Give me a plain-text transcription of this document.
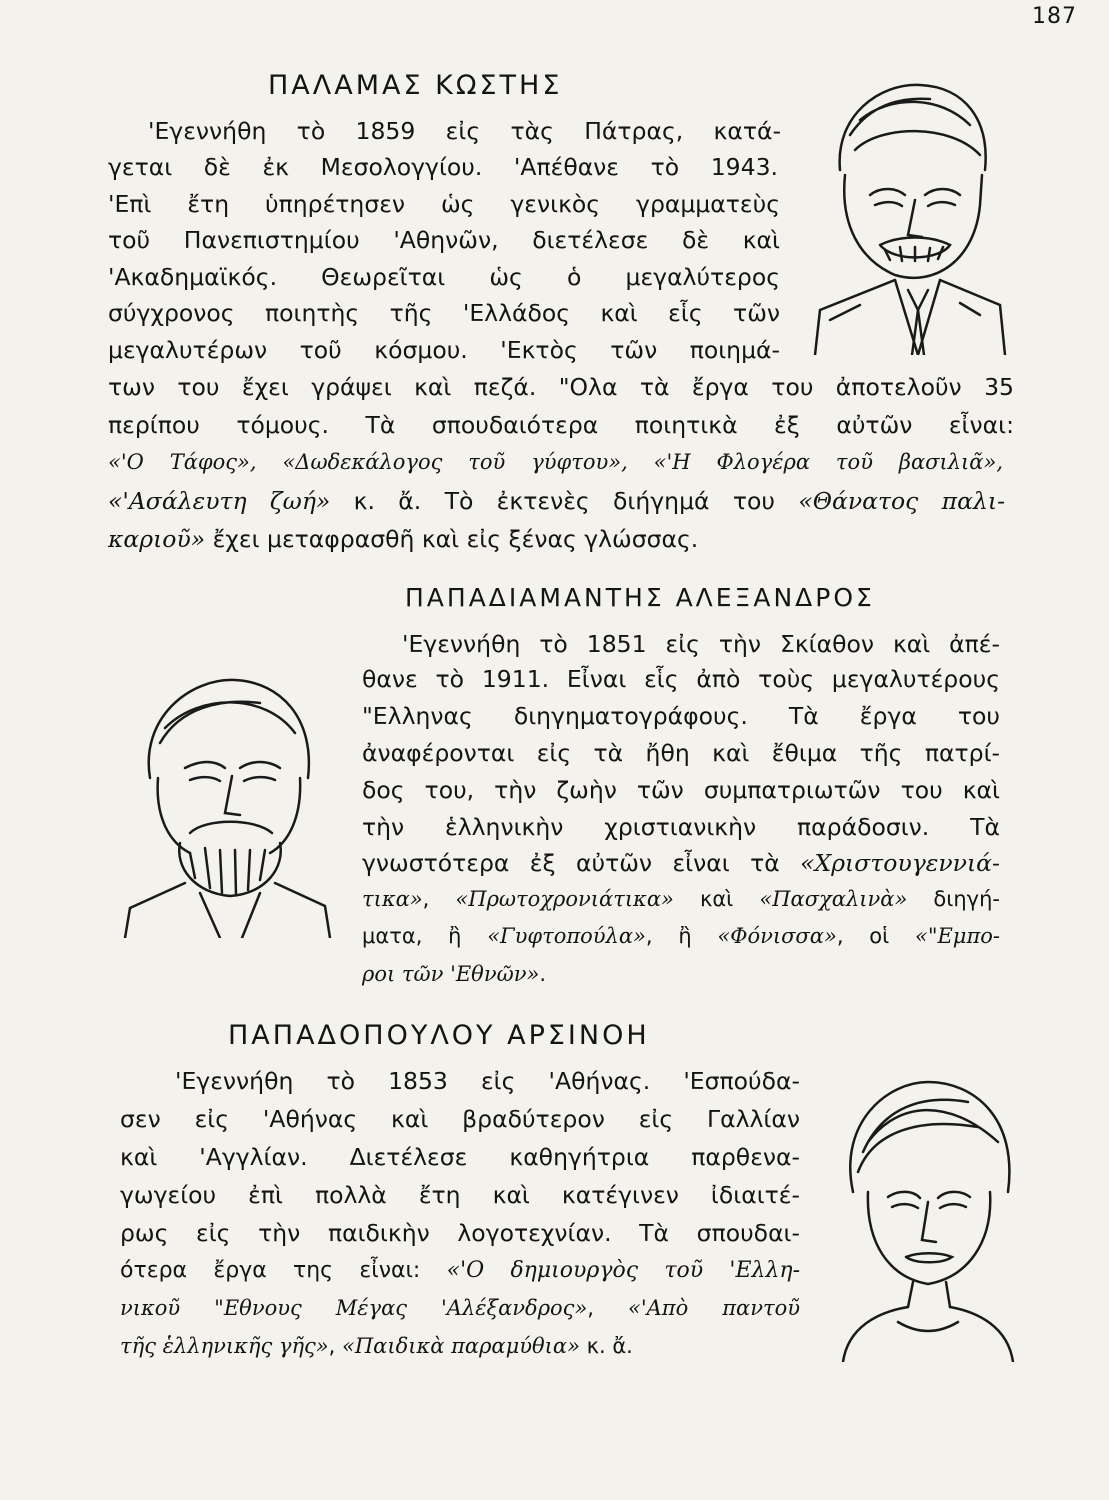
187
ΠΑΛΑΜΑΣ ΚΩΣΤΗΣ
'Εγεννήθη τὸ 1859 εἰς τὰς Πάτρας, κατά-
γεται δὲ ἐκ Μεσολογγίου. 'Απέθανε τὸ 1943.
'Επὶ ἔτη ὑπηρέτησεν ὡς γενικὸς γραμματεὺς
τοῦ Πανεπιστημίου 'Αθηνῶν, διετέλεσε δὲ καὶ
'Ακαδημαϊκός. Θεωρεῖται ὡς ὁ μεγαλύτερος
σύγχρονος ποιητὴς τῆς 'Ελλάδος καὶ εἷς τῶν
μεγαλυτέρων τοῦ κόσμου. 'Εκτὸς τῶν ποιημά-
των του ἔχει γράψει καὶ πεζά. "Ολα τὰ ἔργα του ἀποτελοῦν 35
περίπου τόμους. Τὰ σπουδαιότερα ποιητικὰ ἐξ αὐτῶν εἶναι:
«'Ο Τάφος», «Δωδεκάλογος τοῦ γύφτου», «'Η Φλογέρα τοῦ βασιλιᾶ»,
«'Ασάλευτη ζωή» κ. ἄ. Τὸ ἐκτενὲς διήγημά του «Θάνατος παλι-
καριοῦ» ἔχει μεταφρασθῆ καὶ εἰς ξένας γλώσσας.
ΠΑΠΑΔΙΑΜΑΝΤΗΣ ΑΛΕΞΑΝΔΡΟΣ
'Εγεννήθη τὸ 1851 εἰς τὴν Σκίαθον καὶ ἀπέ-
θανε τὸ 1911. Εἶναι εἷς ἀπὸ τοὺς μεγαλυτέρους
"Ελληνας διηγηματογράφους. Τὰ ἔργα του
ἀναφέρονται εἰς τὰ ἤθη καὶ ἔθιμα τῆς πατρί-
δος του, τὴν ζωὴν τῶν συμπατριωτῶν του καὶ
τὴν ἑλληνικὴν χριστιανικὴν παράδοσιν. Τὰ
γνωστότερα ἐξ αὐτῶν εἶναι τὰ «Χριστουγεννιά-
τικα», «Πρωτοχρονιάτικα» καὶ «Πασχαλινὰ» διηγή-
ματα, ἢ «Γυφτοπούλα», ἢ «Φόνισσα», οἱ «"Εμπο-
ροι τῶν 'Εθνῶν».
ΠΑΠΑΔΟΠΟΥΛΟΥ ΑΡΣΙΝΟΗ
'Εγεννήθη τὸ 1853 εἰς 'Αθήνας. 'Εσπούδα-
σεν εἰς 'Αθήνας καὶ βραδύτερον εἰς Γαλλίαν
καὶ 'Αγγλίαν. Διετέλεσε καθηγήτρια παρθενα-
γωγείου ἐπὶ πολλὰ ἔτη καὶ κατέγινεν ἰδιαιτέ-
ρως εἰς τὴν παιδικὴν λογοτεχνίαν. Τὰ σπουδαι-
ότερα ἔργα της εἶναι: «'Ο δημιουργὸς τοῦ 'Ελλη-
νικοῦ "Εθνους Μέγας 'Αλέξανδρος», «'Απὸ παντοῦ
τῆς ἑλληνικῆς γῆς», «Παιδικὰ παραμύθια» κ. ἄ.
